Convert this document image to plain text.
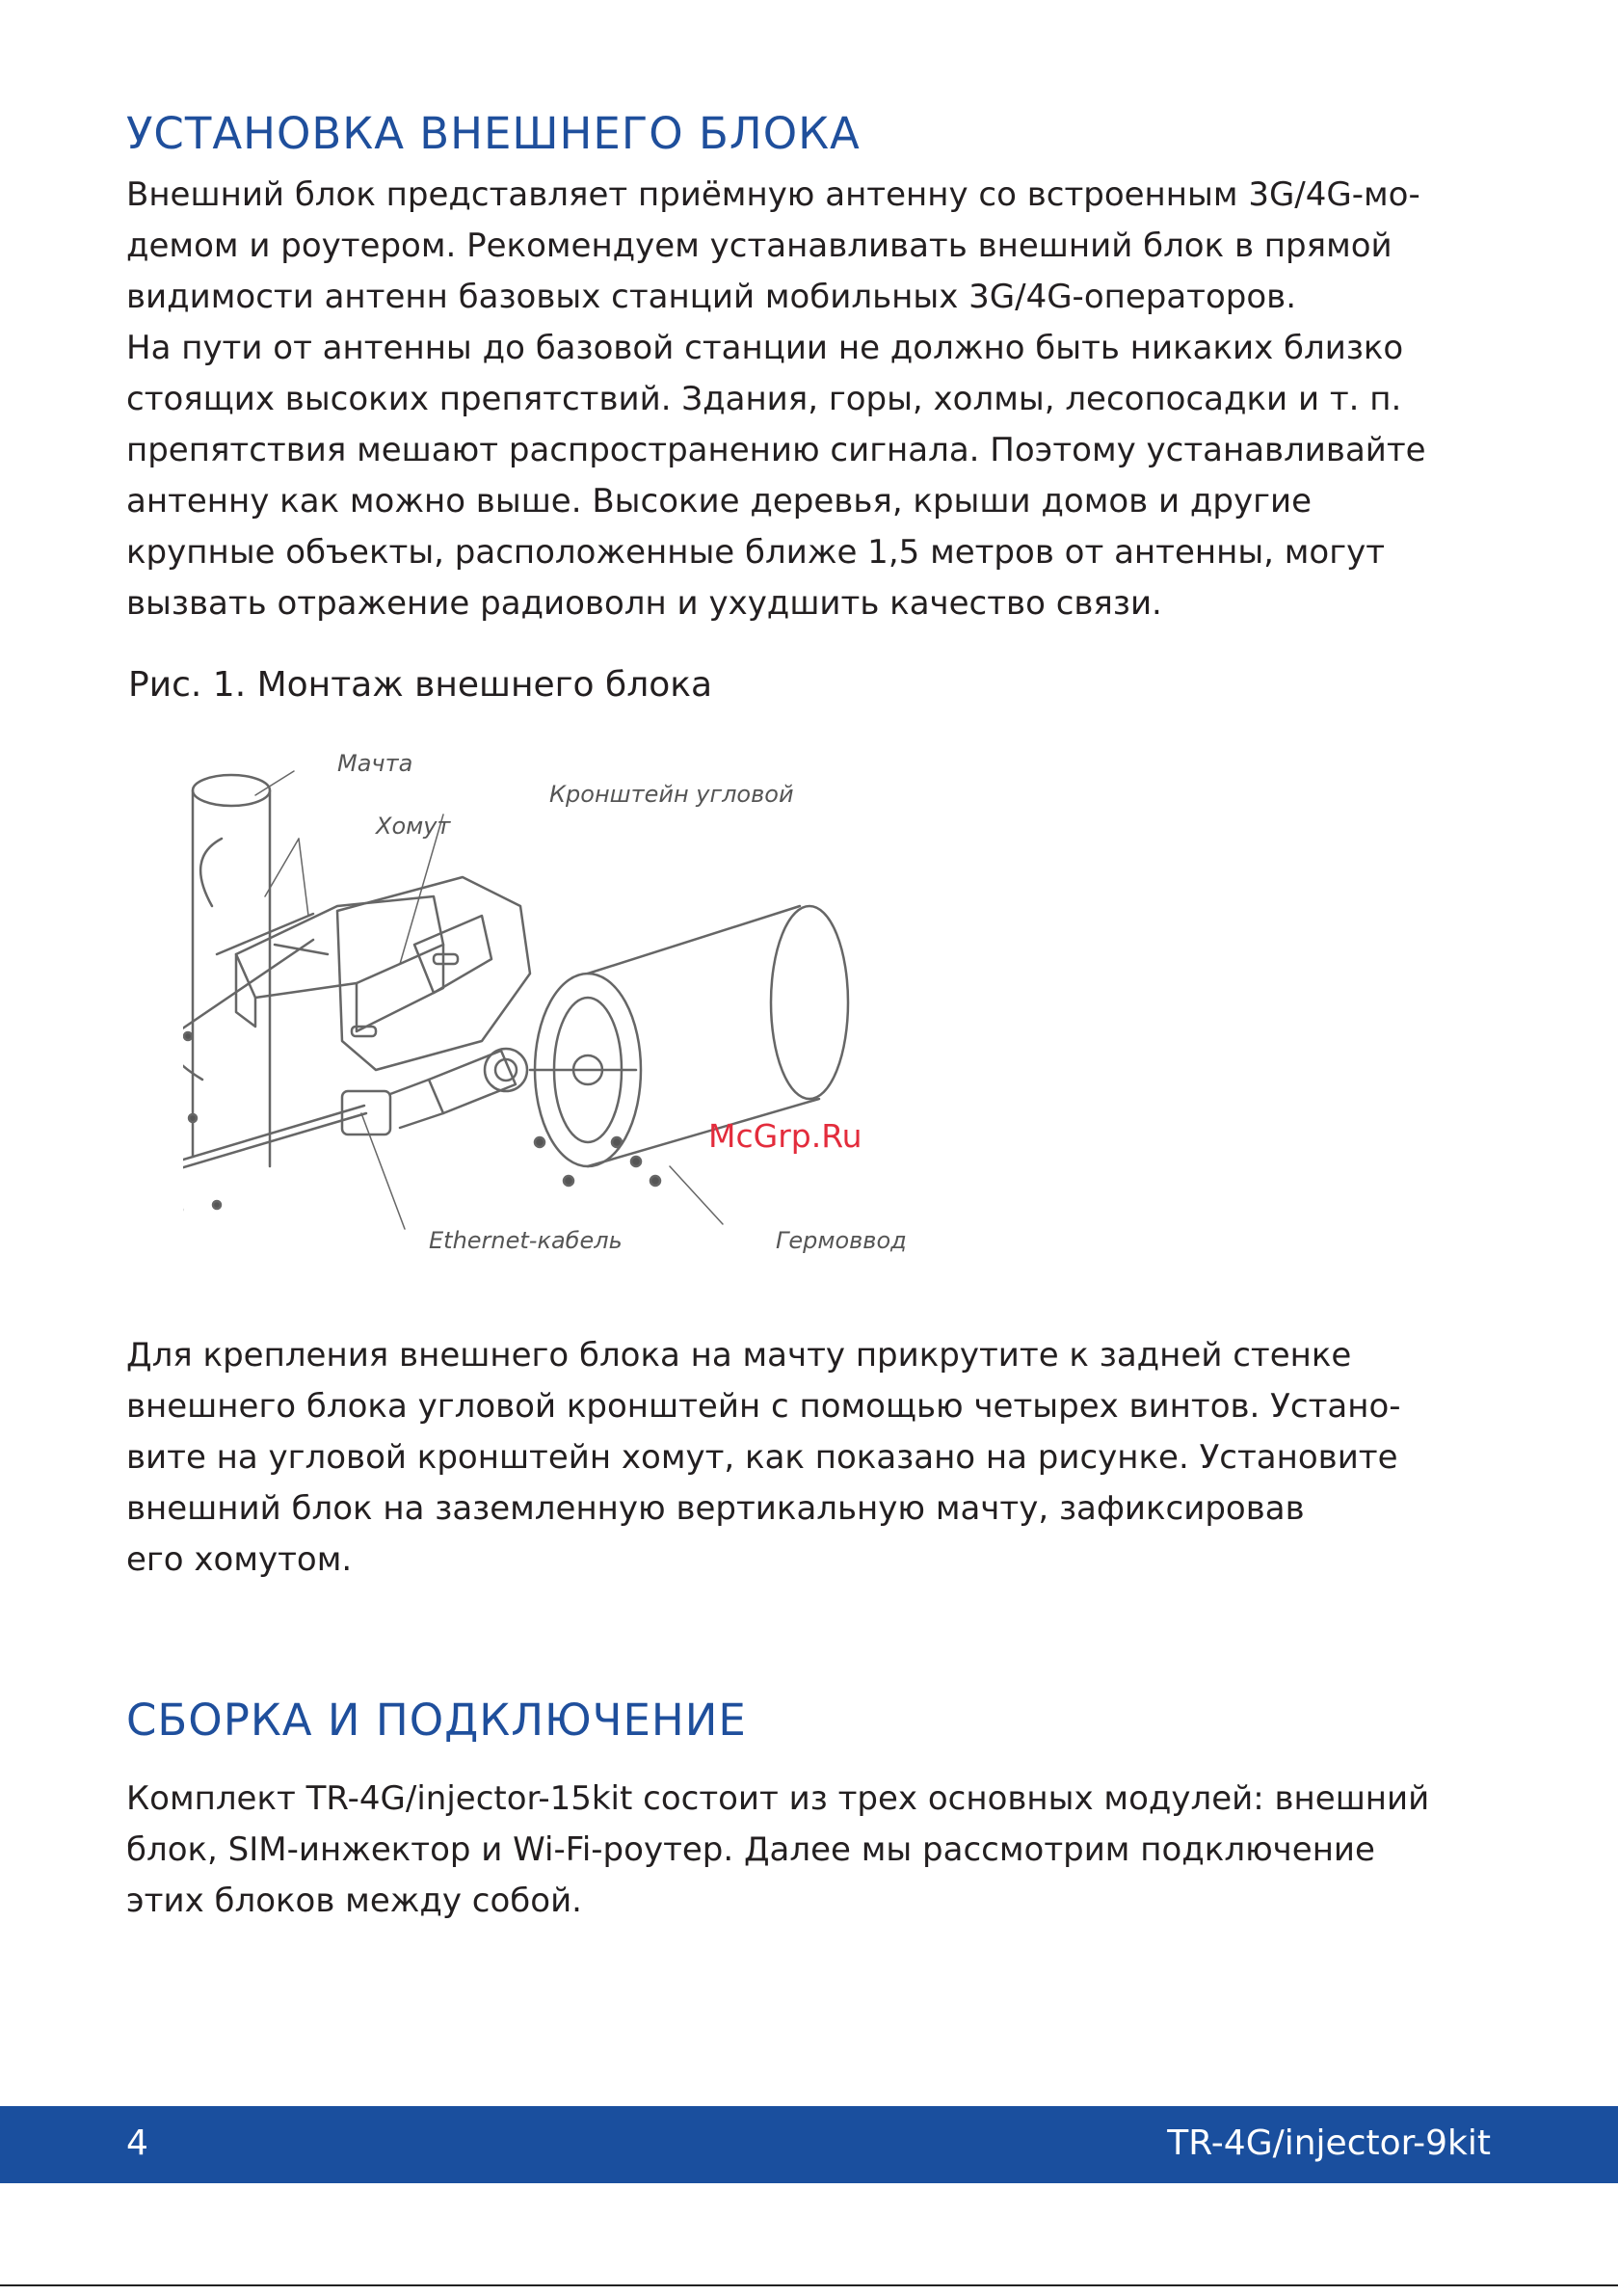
УСТАНОВКА ВНЕШНЕГО БЛОКА

Внешний блок представляет приёмную антенну со встроенным 3G/4G-мо-
демом и роутером. Рекомендуем устанавливать внешний блок в прямой
видимости антенн базовых станций мобильных 3G/4G-операторов.
На пути от антенны до базовой станции не должно быть никаких близко
стоящих высоких препятствий. Здания, горы, холмы, лесопосадки и т. п.
препятствия мешают распространению сигнала. Поэтому устанавливайте
антенну как можно выше. Высокие деревья, крыши домов и другие
крупные объекты, расположенные ближе 1,5 метров от антенны, могут
вызвать отражение радиоволн и ухудшить качество связи.

Рис. 1. Монтаж внешнего блока

Мачта
Хомут
Кронштейн угловой
Ethernet-кабель	Гермоввод
McGrp.Ru

Для крепления внешнего блока на мачту прикрутите к задней стенке
внешнего блока угловой кронштейн с помощью четырех винтов. Устано-
вите на угловой кронштейн хомут, как показано на рисунке. Установите
внешний блок на заземленную вертикальную мачту, зафиксировав
его хомутом.

СБОРКА И ПОДКЛЮЧЕНИЕ

Комплект TR-4G/injector-15kit состоит из трех основных модулей: внешний
блок, SIM-инжектор и Wi-Fi-роутер. Далее мы рассмотрим подключение
этих блоков между собой.

4	TR-4G/injector-9kit
